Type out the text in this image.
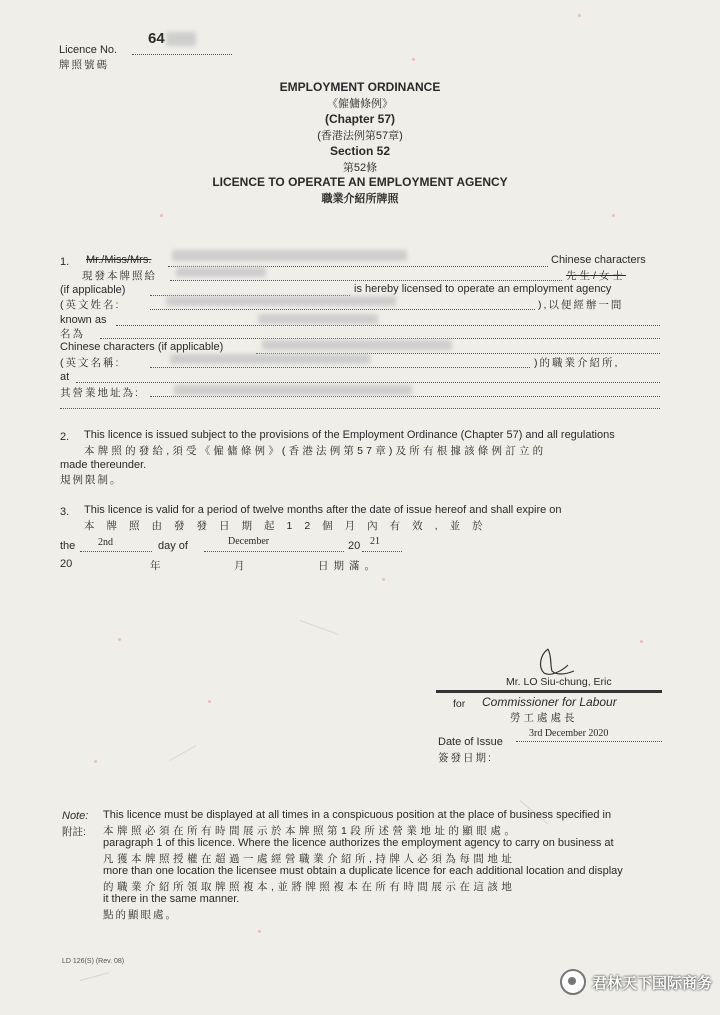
Licence No.
牌照號碼
64
EMPLOYMENT ORDINANCE
《僱傭條例》
(Chapter 57)
(香港法例第57章)
Section 52
第52條
LICENCE TO OPERATE AN EMPLOYMENT AGENCY
職業介紹所牌照
1. Mr./Miss/Mrs.	Chinese characters
現發本牌照給	先生/女士
(if applicable)	is hereby licensed to operate an employment agency
(英文姓名:	),以便經辦一間
known as
名為
Chinese characters (if applicable)
(英文名稱:	)的職業介紹所,
at
其營業地址為:
2. This licence is issued subject to the provisions of the Employment Ordinance (Chapter 57) and all regulations
本牌照的發給,須受《僱傭條例》(香港法例第57章)及所有根據該條例訂立的
made thereunder.
規例限制。
3. This licence is valid for a period of twelve months after the date of issue hereof and shall expire on
本牌照由發發日期起12個月內有效,並於
the 2nd	day of	December	20 21
20	年	月	日期滿。
Mr. LO Siu-chung, Eric
for Commissioner for Labour
勞工處處長
3rd December 2020
Date of Issue
簽發日期:
Note:
附註:
This licence must be displayed at all times in a conspicuous position at the place of business specified in
本牌照必須在所有時間展示於本牌照第1段所述營業地址的顯眼處。
paragraph 1 of this licence. Where the licence authorizes the employment agency to carry on business at
凡獲本牌照授權在超過一處經營職業介紹所,持牌人必須為每間地址
more than one location the licensee must obtain a duplicate licence for each additional location and display
的職業介紹所領取牌照複本,並將牌照複本在所有時間展示在這該地
it there in the same manner.
點的顯眼處。
LD 126(S) (Rev. 08)
君林天下国际商务
